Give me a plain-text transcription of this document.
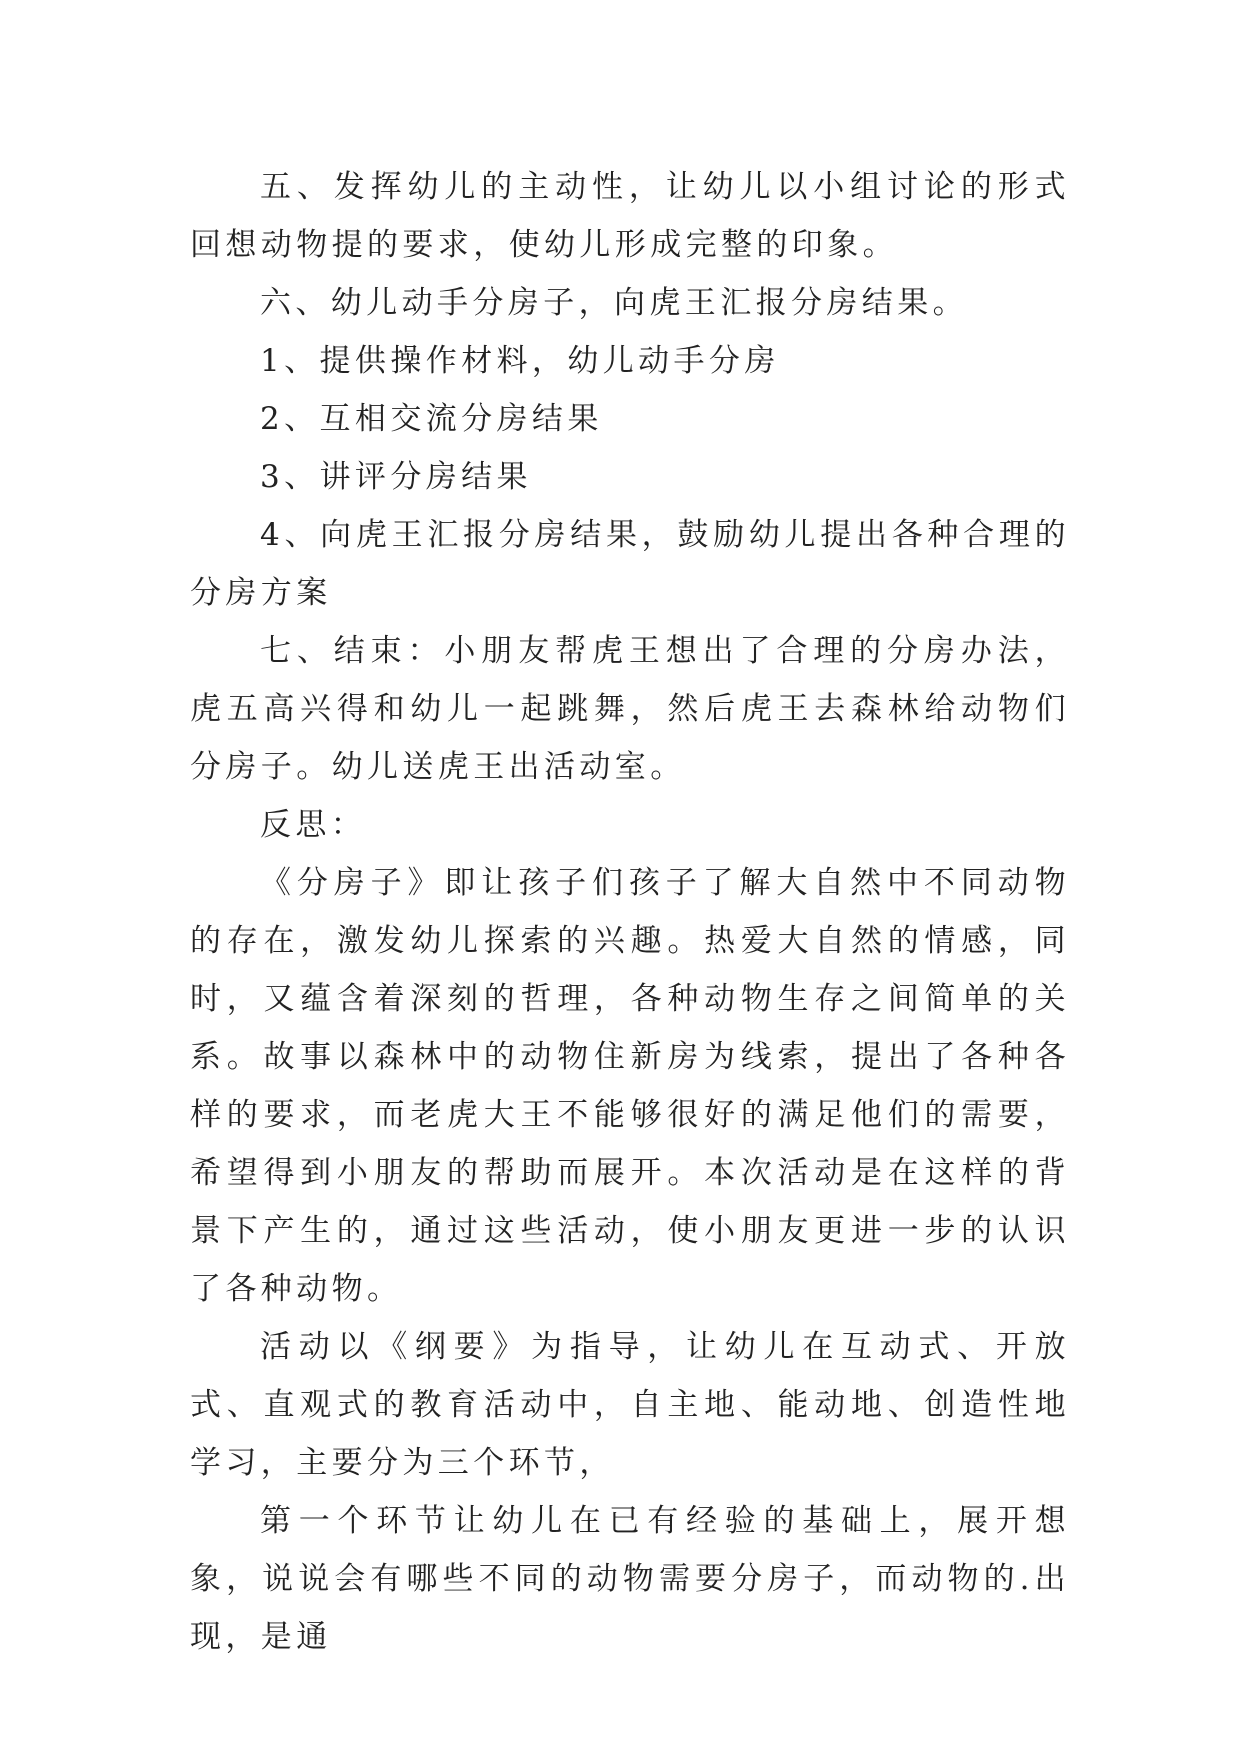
五、发挥幼儿的主动性，让幼儿以小组讨论的形式回想动物提的要求，使幼儿形成完整的印象。

六、幼儿动手分房子，向虎王汇报分房结果。

1、提供操作材料，幼儿动手分房

2、互相交流分房结果

3、讲评分房结果

4、向虎王汇报分房结果，鼓励幼儿提出各种合理的分房方案

七、结束：小朋友帮虎王想出了合理的分房办法，虎五高兴得和幼儿一起跳舞，然后虎王去森林给动物们分房子。幼儿送虎王出活动室。

反思：

《分房子》即让孩子们孩子了解大自然中不同动物的存在，激发幼儿探索的兴趣。热爱大自然的情感，同时，又蕴含着深刻的哲理，各种动物生存之间简单的关系。故事以森林中的动物住新房为线索，提出了各种各样的要求，而老虎大王不能够很好的满足他们的需要，希望得到小朋友的帮助而展开。本次活动是在这样的背景下产生的，通过这些活动，使小朋友更进一步的认识了各种动物。

活动以《纲要》为指导，让幼儿在互动式、开放式、直观式的教育活动中，自主地、能动地、创造性地学习，主要分为三个环节，

第一个环节让幼儿在已有经验的基础上，展开想象，说说会有哪些不同的动物需要分房子，而动物的.出现，是通
